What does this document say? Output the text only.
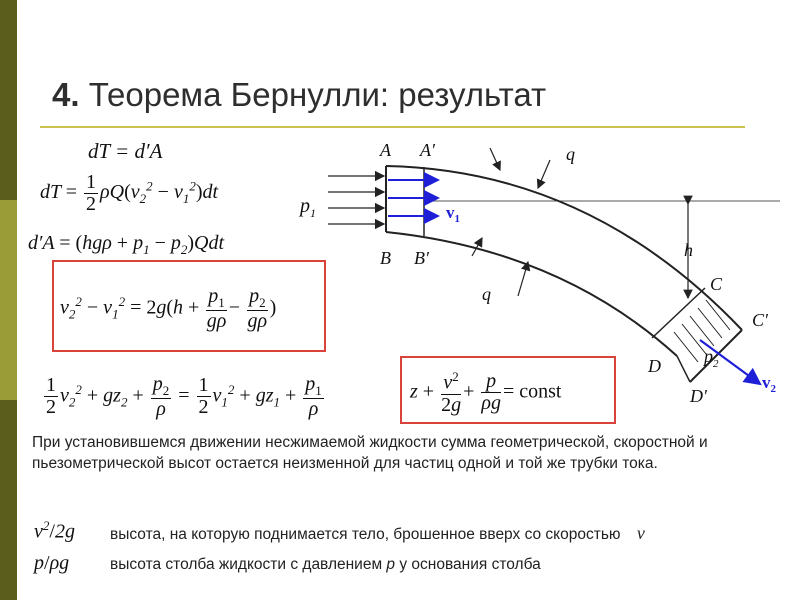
4. Теорема Бернулли: результат
dT = d′A
dT = $\frac{1}{2} \rho Q(v_2^2 - v_1^2)dt$
$d'A = (hg\rho + p_1 - p_2)Qdt$
$v_2^2 - v_1^2 = 2g(h + \frac{p_1}{g\rho} - \frac{p_2}{g\rho}$ )
$\frac{1}{2} v_2^2 + gz_2 + \frac{p_2}{\rho} = \frac{1}{2} v_1^2 + gz_1 + \frac{p_1}{\rho}$	$z + \frac{v^2}{2g} + \frac{p}{\rho g}$ = const
A A′
B B′
q
q
h
C
C′
D
D′
$p_1$
$p_2$
$v_1$
$v_2$
При установившемся движении несжимаемой жидкости сумма геометрической, скоростной и пьезометрической высот остается неизменной для частиц одной и той же трубки тока.
$v^2/2g$ высота, на которую поднимается тело, брошенное вверх со скоростью v
p/ρg	высота столба жидкости с давлением p у основания столба
